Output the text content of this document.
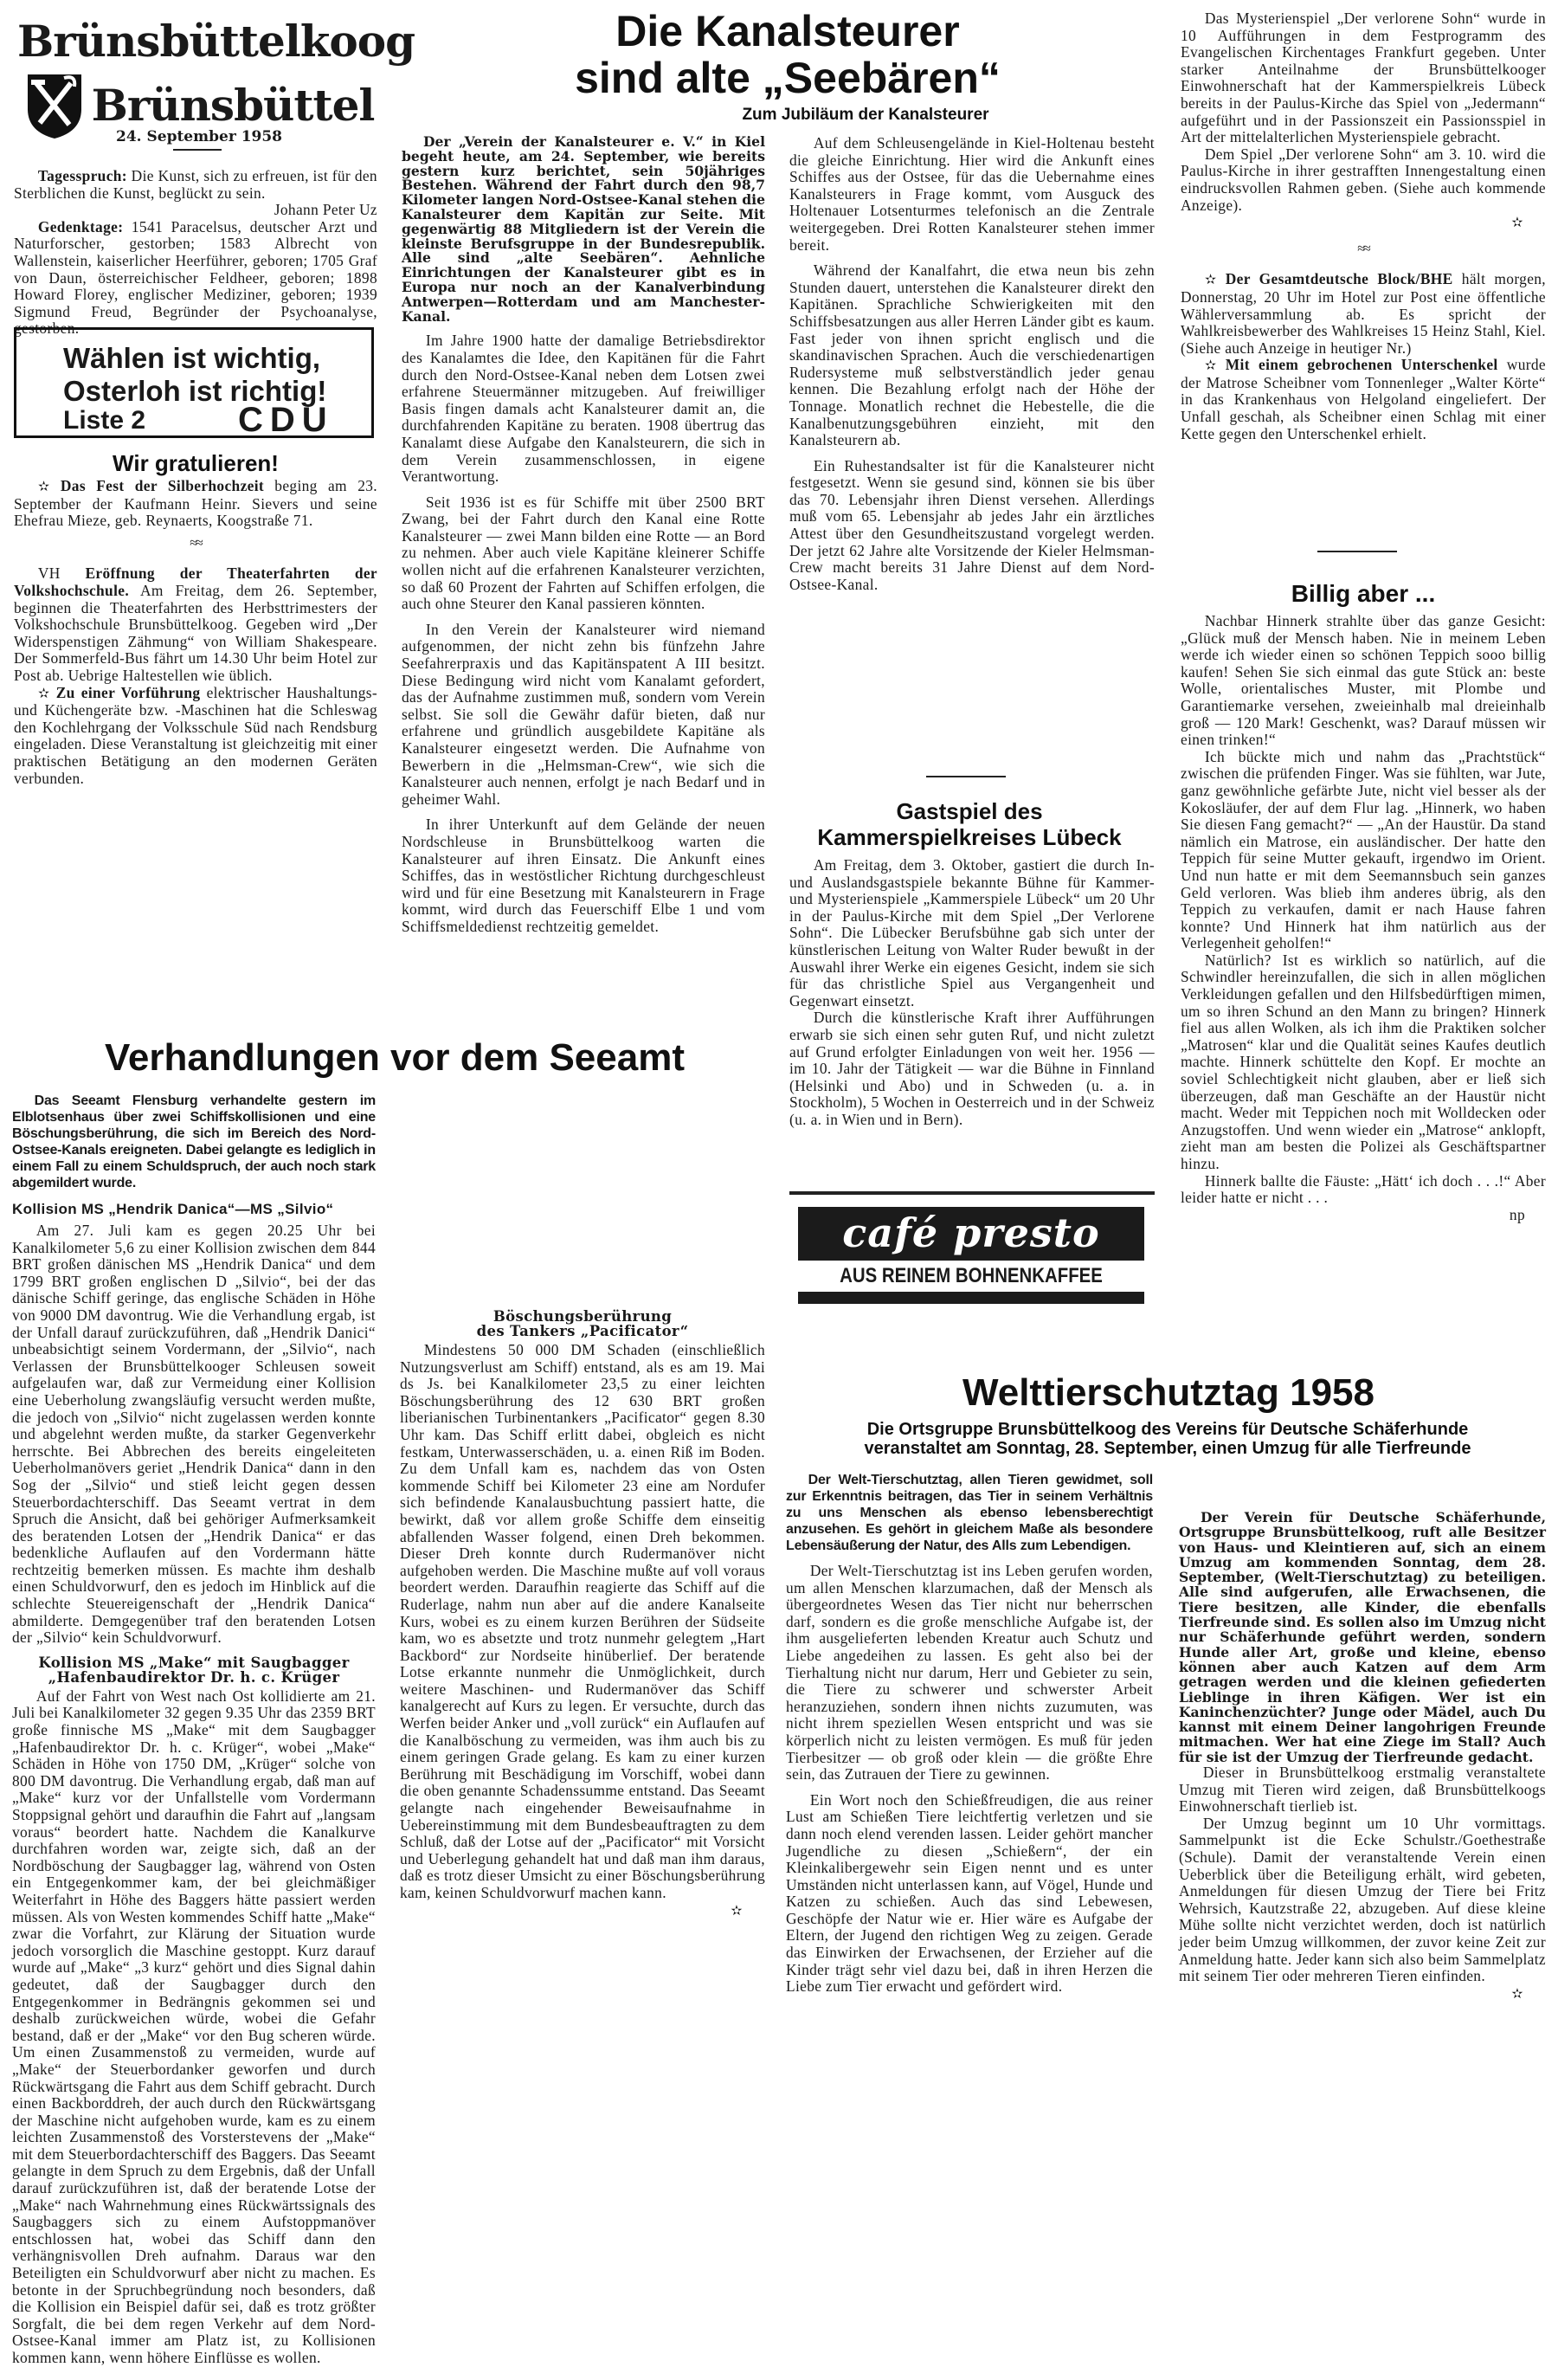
Brünsbüttelkoog
Brünsbüttel
24. September 1958

Tagesspruch: Die Kunst, sich zu erfreuen, ist für den Sterblichen die Kunst, beglückt zu sein.
Johann Peter Uz

Gedenktage: 1541 Paracelsus, deutscher Arzt und Naturforscher, gestorben; 1583 Albrecht von Wallenstein, kaiserlicher Heerführer, geboren; 1705 Graf von Daun, österreichischer Feldheer, geboren; 1898 Howard Florey, englischer Mediziner, geboren; 1939 Sigmund Freud, Begründer der Psychoanalyse, gestorben.

Wählen ist wichtig,
Osterloh ist richtig!
Liste 2	CDU
Wir gratulieren!

✫ Das Fest der Silberhochzeit beging am 23. September der Kaufmann Heinr. Sievers und seine Ehefrau Mieze, geb. Reynaerts, Koogstraße 71.

≈≈

VH Eröffnung der Theaterfahrten der Volkshochschule. Am Freitag, dem 26. September, beginnen die Theaterfahrten des Herbsttrimesters der Volkshochschule Brunsbüttelkoog. Gegeben wird „Der Widerspenstigen Zähmung“ von William Shakespeare. Der Sommerfeld-Bus fährt um 14.30 Uhr beim Hotel zur Post ab. Uebrige Haltestellen wie üblich.

✫ Zu einer Vorführung elektrischer Haushaltungs- und Küchengeräte bzw. -Maschinen hat die Schleswag den Kochlehrgang der Volksschule Süd nach Rendsburg eingeladen. Diese Veranstaltung ist gleichzeitig mit einer praktischen Betätigung an den modernen Geräten verbunden.

Die Kanalsteurer
sind alte „Seebären“
Zum Jubiläum der Kanalsteurer

Der „Verein der Kanalsteurer e. V.“ in Kiel begeht heute, am 24. September, wie bereits gestern kurz berichtet, sein 50jähriges Bestehen. Während der Fahrt durch den 98,7 Kilometer langen Nord-Ostsee-Kanal stehen die Kanalsteurer dem Kapitän zur Seite. Mit gegenwärtig 88 Mitgliedern ist der Verein die kleinste Berufsgruppe in der Bundesrepublik. Alle sind „alte Seebären“. Aehnliche Einrichtungen der Kanalsteurer gibt es in Europa nur noch an der Kanalverbindung Antwerpen—Rotterdam und am Manchester-Kanal.

Im Jahre 1900 hatte der damalige Betriebsdirektor des Kanalamtes die Idee, den Kapitänen für die Fahrt durch den Nord-Ostsee-Kanal neben dem Lotsen zwei erfahrene Steuermänner mitzugeben. Auf freiwilliger Basis fingen damals acht Kanalsteurer damit an, die durchfahrenden Kapitäne zu beraten. 1908 übertrug das Kanalamt diese Aufgabe den Kanalsteurern, die sich in dem Verein zusammenschlossen, in eigene Verantwortung.

Seit 1936 ist es für Schiffe mit über 2500 BRT Zwang, bei der Fahrt durch den Kanal eine Rotte Kanalsteurer — zwei Mann bilden eine Rotte — an Bord zu nehmen. Aber auch viele Kapitäne kleinerer Schiffe wollen nicht auf die erfahrenen Kanalsteurer verzichten, so daß 60 Prozent der Fahrten auf Schiffen erfolgen, die auch ohne Steurer den Kanal passieren könnten.

In den Verein der Kanalsteurer wird niemand aufgenommen, der nicht zehn bis fünfzehn Jahre Seefahrerpraxis und das Kapitänspatent A III besitzt. Diese Bedingung wird nicht vom Kanalamt gefordert, das der Aufnahme zustimmen muß, sondern vom Verein selbst. Sie soll die Gewähr dafür bieten, daß nur erfahrene und gründlich ausgebildete Kapitäne als Kanalsteurer eingesetzt werden. Die Aufnahme von Bewerbern in die „Helmsman-Crew“, wie sich die Kanalsteurer auch nennen, erfolgt je nach Bedarf und in geheimer Wahl.

In ihrer Unterkunft auf dem Gelände der neuen Nordschleuse in Brunsbüttelkoog warten die Kanalsteurer auf ihren Einsatz. Die Ankunft eines Schiffes, das in westöstlicher Richtung durchgeschleust wird und für eine Besetzung mit Kanalsteurern in Frage kommt, wird durch das Feuerschiff Elbe 1 und vom Schiffsmeldedienst rechtzeitig gemeldet.

Auf dem Schleusengelände in Kiel-Holtenau besteht die gleiche Einrichtung. Hier wird die Ankunft eines Schiffes aus der Ostsee, für das die Uebernahme eines Kanalsteurers in Frage kommt, vom Ausguck des Holtenauer Lotsenturmes telefonisch an die Zentrale weitergegeben. Drei Rotten Kanalsteurer stehen immer bereit.

Während der Kanalfahrt, die etwa neun bis zehn Stunden dauert, unterstehen die Kanalsteurer direkt den Kapitänen. Sprachliche Schwierigkeiten mit den Schiffsbesatzungen aus aller Herren Länder gibt es kaum. Fast jeder von ihnen spricht englisch und die skandinavischen Sprachen. Auch die verschiedenartigen Rudersysteme muß selbstverständlich jeder genau kennen. Die Bezahlung erfolgt nach der Höhe der Tonnage. Monatlich rechnet die Hebestelle, die die Kanalbenutzungsgebühren einzieht, mit den Kanalsteurern ab.

Ein Ruhestandsalter ist für die Kanalsteurer nicht festgesetzt. Wenn sie gesund sind, können sie bis über das 70. Lebensjahr ihren Dienst versehen. Allerdings muß vom 65. Lebensjahr ab jedes Jahr ein ärztliches Attest über den Gesundheitszustand vorgelegt werden. Der jetzt 62 Jahre alte Vorsitzende der Kieler Helmsman-Crew macht bereits 31 Jahre Dienst auf dem Nord-Ostsee-Kanal.

Gastspiel des Kammerspielkreises Lübeck

Am Freitag, dem 3. Oktober, gastiert die durch In- und Auslandsgastspiele bekannte Bühne für Kammer- und Mysterienspiele „Kammerspiele Lübeck“ um 20 Uhr in der Paulus-Kirche mit dem Spiel „Der Verlorene Sohn“. Die Lübecker Berufsbühne gab sich unter der künstlerischen Leitung von Walter Ruder bewußt in der Auswahl ihrer Werke ein eigenes Gesicht, indem sie sich für das christliche Spiel aus Vergangenheit und Gegenwart einsetzt.

Durch die künstlerische Kraft ihrer Aufführungen erwarb sie sich einen sehr guten Ruf, und nicht zuletzt auf Grund erfolgter Einladungen von weit her. 1956 — im 10. Jahr der Tätigkeit — war die Bühne in Finnland (Helsinki und Abo) und in Schweden (u. a. in Stockholm), 5 Wochen in Oesterreich und in der Schweiz (u. a. in Wien und in Bern).

café presto
AUS REINEM BOHNENKAFFEE

Das Mysterienspiel „Der verlorene Sohn“ wurde in 10 Aufführungen in dem Festprogramm des Evangelischen Kirchentages Frankfurt gegeben. Unter starker Anteilnahme der Brunsbüttelkooger Einwohnerschaft hat der Kammerspielkreis Lübeck bereits in der Paulus-Kirche das Spiel von „Jedermann“ aufgeführt und in der Passionszeit ein Passionsspiel in Art der mittelalterlichen Mysterienspiele gebracht.

Dem Spiel „Der verlorene Sohn“ am 3. 10. wird die Paulus-Kirche in ihrer gestrafften Innengestaltung einen eindrucksvollen Rahmen geben. (Siehe auch kommende Anzeige).

✫
≈≈

✫ Der Gesamtdeutsche Block/BHE hält morgen, Donnerstag, 20 Uhr im Hotel zur Post eine öffentliche Wählerversammlung ab. Es spricht der Wahlkreisbewerber des Wahlkreises 15 Heinz Stahl, Kiel. (Siehe auch Anzeige in heutiger Nr.)

✫ Mit einem gebrochenen Unterschenkel wurde der Matrose Scheibner vom Tonnenleger „Walter Körte“ in das Krankenhaus von Helgoland eingeliefert. Der Unfall geschah, als Scheibner einen Schlag mit einer Kette gegen den Unterschenkel erhielt.

Billig aber ...

Nachbar Hinnerk strahlte über das ganze Gesicht: „Glück muß der Mensch haben. Nie in meinem Leben werde ich wieder einen so schönen Teppich sooo billig kaufen! Sehen Sie sich einmal das gute Stück an: beste Wolle, orientalisches Muster, mit Plombe und Garantiemarke versehen, zweieinhalb mal dreieinhalb groß — 120 Mark! Geschenkt, was? Darauf müssen wir einen trinken!“

Ich bückte mich und nahm das „Prachtstück“ zwischen die prüfenden Finger. Was sie fühlten, war Jute, ganz gewöhnliche gefärbte Jute, nicht viel besser als der Kokosläufer, der auf dem Flur lag. „Hinnerk, wo haben Sie diesen Fang gemacht?“ — „An der Haustür. Da stand nämlich ein Matrose, ein ausländischer. Der hatte den Teppich für seine Mutter gekauft, irgendwo im Orient. Und nun hatte er mit dem Seemannsbuch sein ganzes Geld verloren. Was blieb ihm anderes übrig, als den Teppich zu verkaufen, damit er nach Hause fahren konnte? Und Hinnerk hat ihm natürlich aus der Verlegenheit geholfen!“

Natürlich? Ist es wirklich so natürlich, auf die Schwindler hereinzufallen, die sich in allen möglichen Verkleidungen gefallen und den Hilfsbedürftigen mimen, um so ihren Schund an den Mann zu bringen? Hinnerk fiel aus allen Wolken, als ich ihm die Praktiken solcher „Matrosen“ klar und die Qualität seines Kaufes deutlich machte. Hinnerk schüttelte den Kopf. Er mochte an soviel Schlechtigkeit nicht glauben, aber er ließ sich überzeugen, daß man Geschäfte an der Haustür nicht macht. Weder mit Teppichen noch mit Wolldecken oder Anzugstoffen. Und wenn wieder ein „Matrose“ anklopft, zieht man am besten die Polizei als Geschäftspartner hinzu.

Hinnerk ballte die Fäuste: „Hätt‘ ich doch . . .!“ Aber leider hatte er nicht . . .

np
Verhandlungen vor dem Seeamt

Das Seeamt Flensburg verhandelte gestern im Elblotsenhaus über zwei Schiffskollisionen und eine Böschungsberührung, die sich im Bereich des Nord-Ostsee-Kanals ereigneten. Dabei gelangte es lediglich in einem Fall zu einem Schuldspruch, der auch noch stark abgemildert wurde.

Kollision MS „Hendrik Danica“—MS „Silvio“

Am 27. Juli kam es gegen 20.25 Uhr bei Kanalkilometer 5,6 zu einer Kollision zwischen dem 844 BRT großen dänischen MS „Hendrik Danica“ und dem 1799 BRT großen englischen D „Silvio“, bei der das dänische Schiff geringe, das englische Schäden in Höhe von 9000 DM davontrug. Wie die Verhandlung ergab, ist der Unfall darauf zurückzuführen, daß „Hendrik Danici“ unbeabsichtigt seinem Vordermann, der „Silvio“, nach Verlassen der Brunsbüttelkooger Schleusen soweit aufgelaufen war, daß zur Vermeidung einer Kollision eine Ueberholung zwangsläufig versucht werden mußte, die jedoch von „Silvio“ nicht zugelassen werden konnte und abgelehnt werden mußte, da starker Gegenverkehr herrschte. Bei Abbrechen des bereits eingeleiteten Ueberholmanövers geriet „Hendrik Danica“ dann in den Sog der „Silvio“ und stieß leicht gegen dessen Steuerbordachterschiff. Das Seeamt vertrat in dem Spruch die Ansicht, daß bei gehöriger Aufmerksamkeit des beratenden Lotsen der „Hendrik Danica“ er das bedenkliche Auflaufen auf den Vordermann hätte rechtzeitig bemerken müssen. Es machte ihm deshalb einen Schuldvorwurf, den es jedoch im Hinblick auf die schlechte Steuereigenschaft der „Hendrik Danica“ abmilderte. Demgegenüber traf den beratenden Lotsen der „Silvio“ kein Schuldvorwurf.

Kollision MS „Make“ mit Saugbagger „Hafenbaudirektor Dr. h. c. Krüger

Auf der Fahrt von West nach Ost kollidierte am 21. Juli bei Kanalkilometer 32 gegen 9.35 Uhr das 2359 BRT große finnische MS „Make“ mit dem Saugbagger „Hafenbaudirektor Dr. h. c. Krüger“, wobei „Make“ Schäden in Höhe von 1750 DM, „Krüger“ solche von 800 DM davontrug. Die Verhandlung ergab, daß man auf „Make“ kurz vor der Unfallstelle vom Vordermann Stoppsignal gehört und daraufhin die Fahrt auf „langsam voraus“ beordert hatte. Nachdem die Kanalkurve durchfahren worden war, zeigte sich, daß an der Nordböschung der Saugbagger lag, während von Osten ein Entgegenkommer kam, der bei gleichmäßiger Weiterfahrt in Höhe des Baggers hätte passiert werden müssen. Als von Westen kommendes Schiff hatte „Make“ zwar die Vorfahrt, zur Klärung der Situation wurde jedoch vorsorglich die Maschine gestoppt. Kurz darauf wurde auf „Make“ „3 kurz“ gehört und dies Signal dahin gedeutet, daß der Saugbagger durch den Entgegenkommer in Bedrängnis gekommen sei und deshalb zurückweichen würde, wobei die Gefahr bestand, daß er der „Make“ vor den Bug scheren würde. Um einen Zusammenstoß zu vermeiden, wurde auf „Make“ der Steuerbordanker geworfen und durch Rückwärtsgang die Fahrt aus dem Schiff gebracht. Durch einen Backborddreh, der auch durch den Rückwärtsgang der Maschine nicht aufgehoben wurde, kam es zu einem leichten Zusammenstoß des Vorsterstevens der „Make“ mit dem Steuerbordachterschiff des Baggers. Das Seeamt gelangte in dem Spruch zu dem Ergebnis, daß der Unfall darauf zurückzuführen ist, daß der beratende Lotse der „Make“ nach Wahrnehmung eines Rückwärtssignals des Saugbaggers sich zu einem Aufstoppmanöver entschlossen hat, wobei das Schiff dann den verhängnisvollen Dreh aufnahm. Daraus war den Beteiligten ein Schuldvorwurf aber nicht zu machen. Es betonte in der Spruchbegründung noch besonders, daß die Kollision ein Beispiel dafür sei, daß es trotz größter Sorgfalt, die bei dem regen Verkehr auf dem Nord-Ostsee-Kanal immer am Platz ist, zu Kollisionen kommen kann, wenn höhere Einflüsse es wollen.

Böschungsberührung
des Tankers „Pacificator“

Mindestens 50 000 DM Schaden (einschließlich Nutzungsverlust am Schiff) entstand, als es am 19. Mai ds Js. bei Kanalkilometer 23,5 zu einer leichten Böschungsberührung des 12 630 BRT großen liberianischen Turbinentankers „Pacificator“ gegen 8.30 Uhr kam. Das Schiff erlitt dabei, obgleich es nicht festkam, Unterwasserschäden, u. a. einen Riß im Boden. Zu dem Unfall kam es, nachdem das von Osten kommende Schiff bei Kilometer 23 eine am Nordufer sich befindende Kanalausbuchtung passiert hatte, die bewirkt, daß vor allem große Schiffe dem einseitig abfallenden Wasser folgend, einen Dreh bekommen. Dieser Dreh konnte durch Rudermanöver nicht aufgehoben werden. Die Maschine mußte auf voll voraus beordert werden. Daraufhin reagierte das Schiff auf die Ruderlage, nahm nun aber auf die andere Kanalseite Kurs, wobei es zu einem kurzen Berühren der Südseite kam, wo es absetzte und trotz nunmehr gelegtem „Hart Backbord“ zur Nordseite hinüberlief. Der beratende Lotse erkannte nunmehr die Unmöglichkeit, durch weitere Maschinen- und Rudermanöver das Schiff kanalgerecht auf Kurs zu legen. Er versuchte, durch das Werfen beider Anker und „voll zurück“ ein Auflaufen auf die Kanalböschung zu vermeiden, was ihm auch bis zu einem geringen Grade gelang. Es kam zu einer kurzen Berührung mit Beschädigung im Vorschiff, wobei dann die oben genannte Schadenssumme entstand. Das Seeamt gelangte nach eingehender Beweisaufnahme in Uebereinstimmung mit dem Bundesbeauftragten zu dem Schluß, daß der Lotse auf der „Pacificator“ mit Vorsicht und Ueberlegung gehandelt hat und daß man ihm daraus, daß es trotz dieser Umsicht zu einer Böschungsberührung kam, keinen Schuldvorwurf machen kann.

✫
Welttierschutztag 1958
Die Ortsgruppe Brunsbüttelkoog des Vereins für Deutsche Schäferhunde
veranstaltet am Sonntag, 28. September, einen Umzug für alle Tierfreunde

Der Welt-Tierschutztag, allen Tieren gewidmet, soll zur Erkenntnis beitragen, das Tier in seinem Verhältnis zu uns Menschen als ebenso lebensberechtigt anzusehen. Es gehört in gleichem Maße als besondere Lebensäußerung der Natur, des Alls zum Lebendigen.

Der Welt-Tierschutztag ist ins Leben gerufen worden, um allen Menschen klarzumachen, daß der Mensch als übergeordnetes Wesen das Tier nicht nur beherrschen darf, sondern es die große menschliche Aufgabe ist, der ihm ausgelieferten lebenden Kreatur auch Schutz und Liebe angedeihen zu lassen. Es geht also bei der Tierhaltung nicht nur darum, Herr und Gebieter zu sein, die Tiere zu schwerer und schwerster Arbeit heranzuziehen, sondern ihnen nichts zuzumuten, was nicht ihrem speziellen Wesen entspricht und was sie körperlich nicht zu leisten vermögen. Es muß für jeden Tierbesitzer — ob groß oder klein — die größte Ehre sein, das Zutrauen der Tiere zu gewinnen.

Ein Wort noch den Schießfreudigen, die aus reiner Lust am Schießen Tiere leichtfertig verletzen und sie dann noch elend verenden lassen. Leider gehört mancher Jugendliche zu diesen „Schießern“, der ein Kleinkalibergewehr sein Eigen nennt und es unter Umständen nicht unterlassen kann, auf Vögel, Hunde und Katzen zu schießen. Auch das sind Lebewesen, Geschöpfe der Natur wie er. Hier wäre es Aufgabe der Eltern, der Jugend den richtigen Weg zu zeigen. Gerade das Einwirken der Erwachsenen, der Erzieher auf die Kinder trägt sehr viel dazu bei, daß in ihren Herzen die Liebe zum Tier erwacht und gefördert wird.

Der Verein für Deutsche Schäferhunde, Ortsgruppe Brunsbüttelkoog, ruft alle Besitzer von Haus- und Kleintieren auf, sich an einem Umzug am kommenden Sonntag, dem 28. September, (Welt-Tierschutztag) zu beteiligen. Alle sind aufgerufen, alle Erwachsenen, die Tiere besitzen, alle Kinder, die ebenfalls Tierfreunde sind. Es sollen also im Umzug nicht nur Schäferhunde geführt werden, sondern Hunde aller Art, große und kleine, ebenso können aber auch Katzen auf dem Arm getragen werden und die kleinen gefiederten Lieblinge in ihren Käfigen. Wer ist ein Kaninchenzüchter? Junge oder Mädel, auch Du kannst mit einem Deiner langohrigen Freunde mitmachen. Wer hat eine Ziege im Stall? Auch für sie ist der Umzug der Tierfreunde gedacht.

Dieser in Brunsbüttelkoog erstmalig veranstaltete Umzug mit Tieren wird zeigen, daß Brunsbüttelkoogs Einwohnerschaft tierlieb ist.

Der Umzug beginnt um 10 Uhr vormittags. Sammelpunkt ist die Ecke Schulstr./Goethestraße (Schule). Damit der veranstaltende Verein einen Ueberblick über die Beteiligung erhält, wird gebeten, Anmeldungen für diesen Umzug der Tiere bei Fritz Wehrsich, Kautzstraße 22, abzugeben. Auf diese kleine Mühe sollte nicht verzichtet werden, doch ist natürlich jeder beim Umzug willkommen, der zuvor keine Zeit zur Anmeldung hatte. Jeder kann sich also beim Sammelplatz mit seinem Tier oder mehreren Tieren einfinden.

✫
